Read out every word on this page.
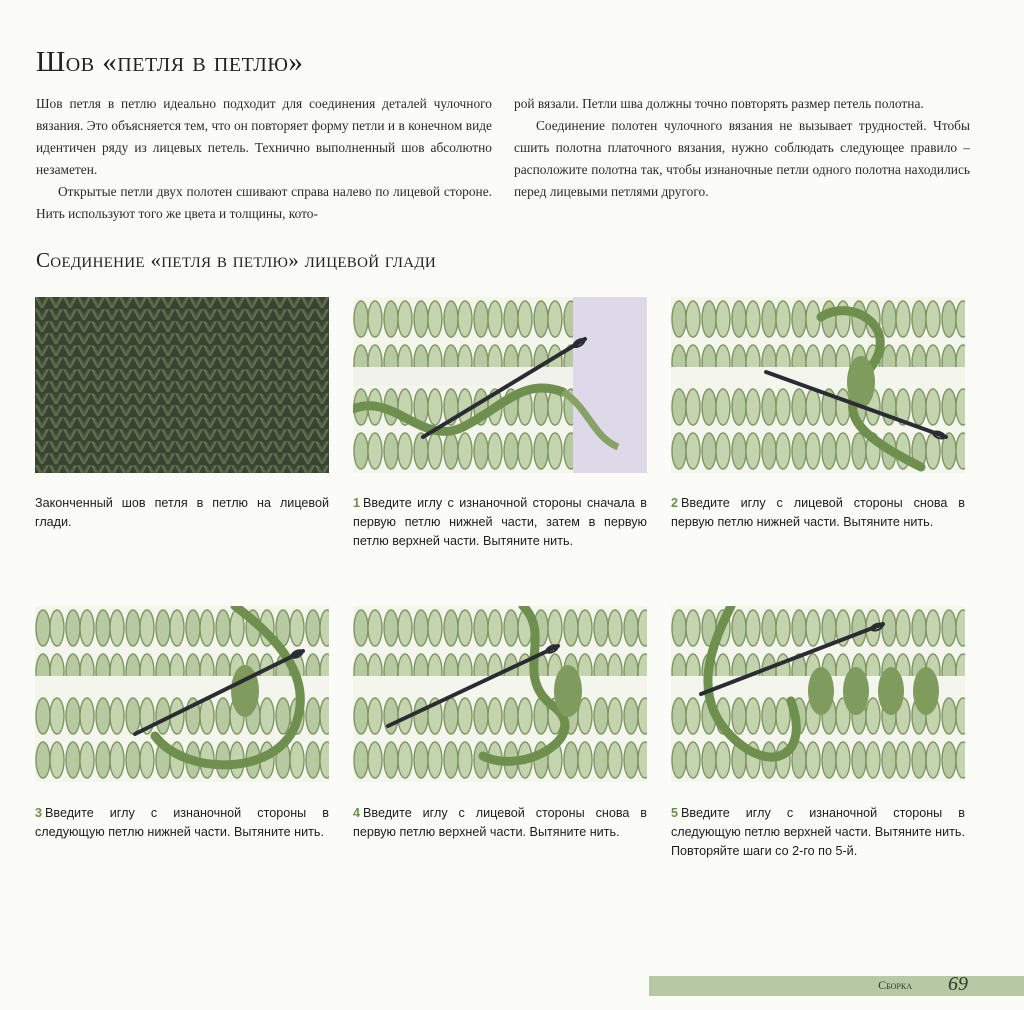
Шов «петля в петлю»

Шов петля в петлю идеально подходит для соединения деталей чулочного вязания. Это объясняется тем, что он повторяет форму петли и в конечном виде идентичен ряду из лицевых петель. Технично выполненный шов абсолютно незаметен.

Открытые петли двух полотен сшивают справа налево по лицевой стороне. Нить используют того же цвета и толщины, кото-

рой вязали. Петли шва должны точно повторять размер петель полотна.

Соединение полотен чулочного вязания не вызывает трудностей. Чтобы сшить полотна платочного вязания, нужно соблюдать следующее правило – расположите полотна так, чтобы изнаночные петли одного полотна находились перед лицевыми петлями другого.

Соединение «петля в петлю» лицевой глади
Законченный шов петля в петлю на лицевой глади.
1 Введите иглу с изнаночной стороны сначала в первую петлю нижней части, затем в первую петлю верхней части. Вытяните нить.
2 Введите иглу с лицевой стороны снова в первую петлю нижней части. Вытяните нить.
3 Введите иглу с изнаночной стороны в следующую петлю нижней части. Вытяните нить.
4 Введите иглу с лицевой стороны снова в первую петлю верхней части. Вытяните нить.
5 Введите иглу с изнаночной стороны в следующую петлю верхней части. Вытяните нить. Повторяйте шаги со 2-го по 5-й.
Сборка 69
